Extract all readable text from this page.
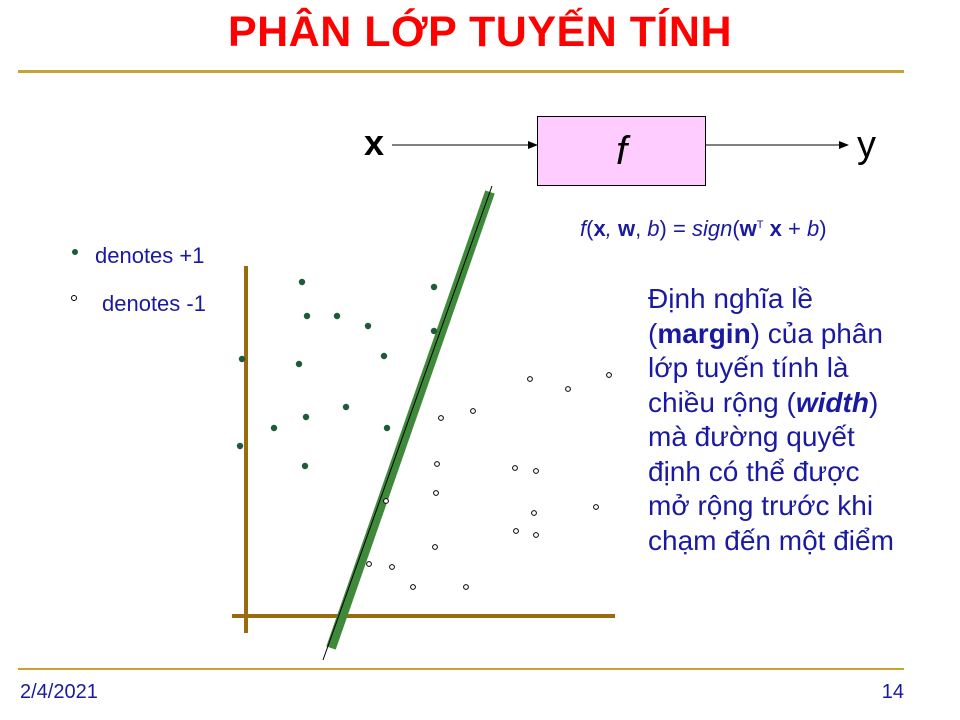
PHÂN LỚP TUYẾN TÍNH
x	f	y
f(x, w, $b) = sign(w^T$ x + b)
denotes +1
denotes -1	Định nghĩa lề
(margin) của phân
lớp tuyến tính là
chiều rộng (width)
mà đường quyết
định có thể được
mở rộng trước khi
chạm đến một điểm
2/4/2021	14
